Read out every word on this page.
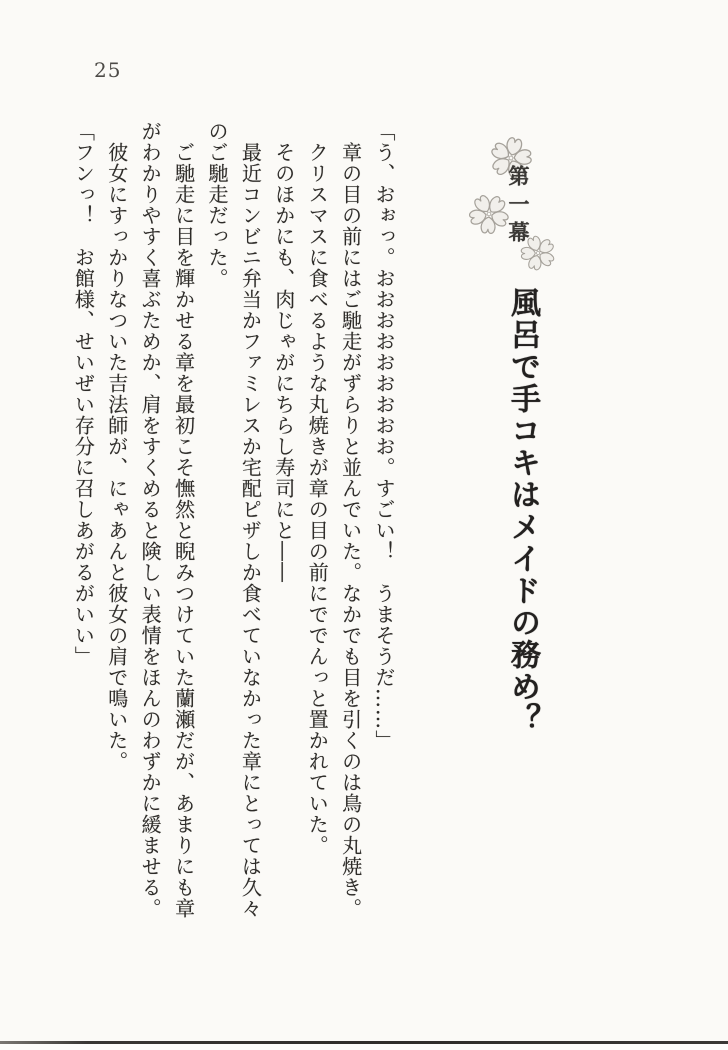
25
第一幕
風呂で手コキはメイドの務め？

「う、おぉっ。おおおおおおおおお。すごい！　うまそうだ……」

　章の目の前にはご馳走がずらりと並んでいた。なかでも目を引くのは鳥の丸焼き。

　クリスマスに食べるような丸焼きが章の目の前にででんっと置かれていた。

　そのほかにも、肉じゃがにちらし寿司にと――

　最近コンビニ弁当かファミレスか宅配ピザしか食べていなかった章にとっては久々のご馳走だった。

　ご馳走に目を輝かせる章を最初こそ憮然と睨みつけていた蘭瀬だが、あまりにも章がわかりやすく喜ぶためか、肩をすくめると険しい表情をほんのわずかに緩ませる。

　彼女にすっかりなついた吉法師が、にゃあんと彼女の肩で鳴いた。

「フンっ！　お館様、せいぜい存分に召しあがるがいい」
